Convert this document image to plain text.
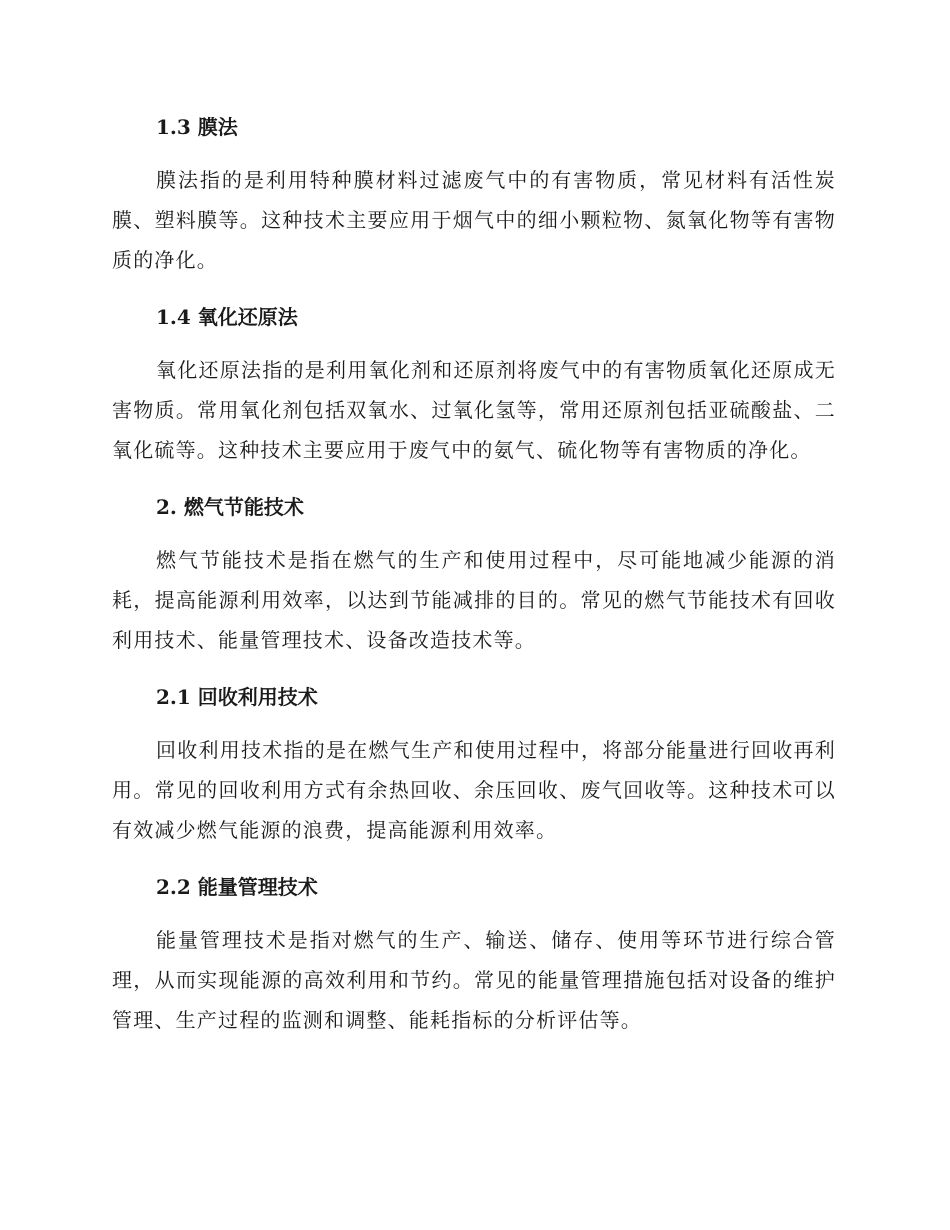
1.3 膜法

膜法指的是利用特种膜材料过滤废气中的有害物质，常见材料有活性炭膜、塑料膜等。这种技术主要应用于烟气中的细小颗粒物、氮氧化物等有害物质的净化。

1.4 氧化还原法

氧化还原法指的是利用氧化剂和还原剂将废气中的有害物质氧化还原成无害物质。常用氧化剂包括双氧水、过氧化氢等，常用还原剂包括亚硫酸盐、二氧化硫等。这种技术主要应用于废气中的氨气、硫化物等有害物质的净化。

2. 燃气节能技术

燃气节能技术是指在燃气的生产和使用过程中，尽可能地减少能源的消耗，提高能源利用效率，以达到节能减排的目的。常见的燃气节能技术有回收利用技术、能量管理技术、设备改造技术等。

2.1 回收利用技术

回收利用技术指的是在燃气生产和使用过程中，将部分能量进行回收再利用。常见的回收利用方式有余热回收、余压回收、废气回收等。这种技术可以有效减少燃气能源的浪费，提高能源利用效率。

2.2 能量管理技术

能量管理技术是指对燃气的生产、输送、储存、使用等环节进行综合管理，从而实现能源的高效利用和节约。常见的能量管理措施包括对设备的维护管理、生产过程的监测和调整、能耗指标的分析评估等。
